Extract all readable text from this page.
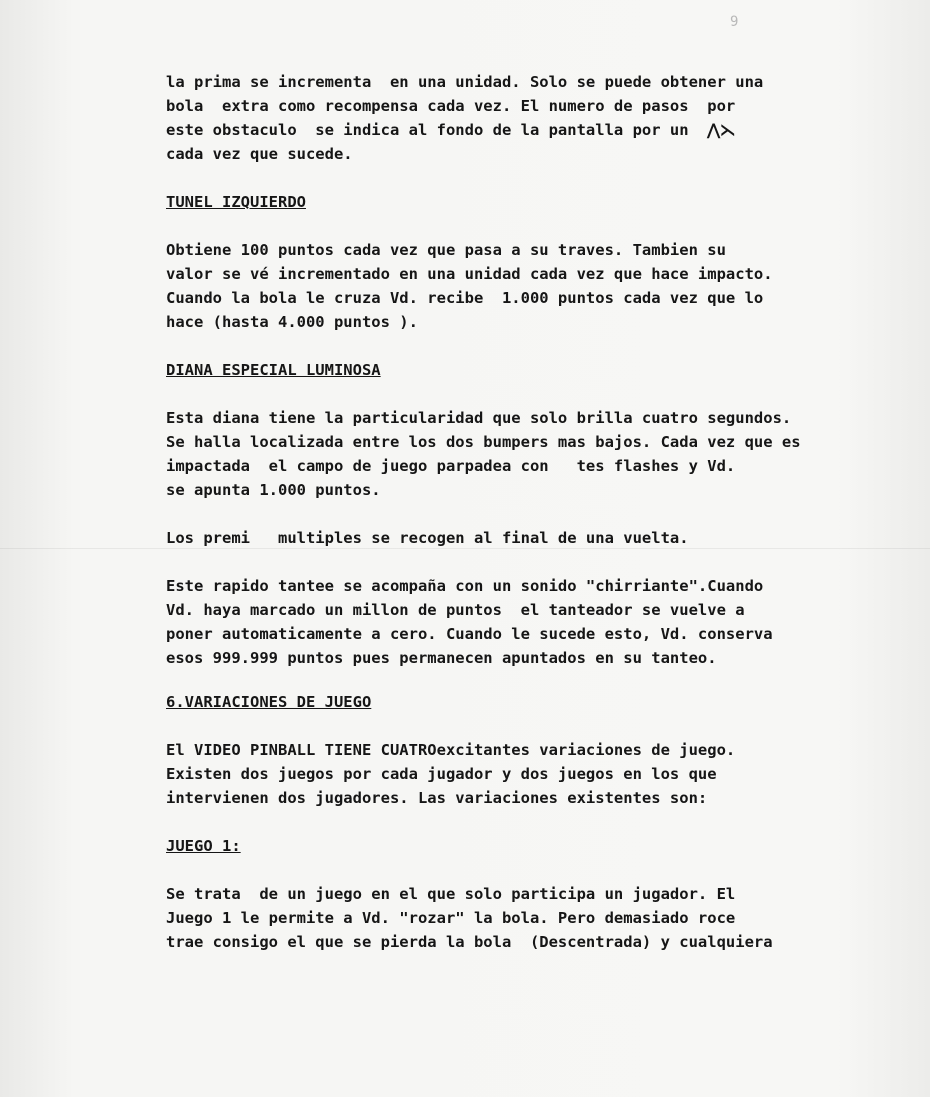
9
la prima se incrementa  en una unidad. Solo se puede obtener una
bola  extra como recompensa cada vez. El numero de pasos  por
este obstaculo  se indica al fondo de la pantalla por un  ⋀⋋
cada vez que sucede.
TUNEL IZQUIERDO
Obtiene 100 puntos cada vez que pasa a su traves. Tambien su
valor se vé incrementado en una unidad cada vez que hace impacto.
Cuando la bola le cruza Vd. recibe  1.000 puntos cada vez que lo
hace (hasta 4.000 puntos ).
DIANA ESPECIAL LUMINOSA
Esta diana tiene la particularidad que solo brilla cuatro segundos.
Se halla localizada entre los dos bumpers mas bajos. Cada vez que es
impactada  el campo de juego parpadea con   tes flashes y Vd.
se apunta 1.000 puntos.
Los premi   multiples se recogen al final de una vuelta.
Este rapido tantee se acompaña con un sonido "chirriante".Cuando
Vd. haya marcado un millon de puntos  el tanteador se vuelve a
poner automaticamente a cero. Cuando le sucede esto, Vd. conserva
esos 999.999 puntos pues permanecen apuntados en su tanteo.
6.VARIACIONES DE JUEGO
El VIDEO PINBALL TIENE CUATROexcitantes variaciones de juego.
Existen dos juegos por cada jugador y dos juegos en los que
intervienen dos jugadores. Las variaciones existentes son:
JUEGO 1:
Se trata  de un juego en el que solo participa un jugador. El
Juego 1 le permite a Vd. "rozar" la bola. Pero demasiado roce
trae consigo el que se pierda la bola  (Descentrada) y cualquiera
